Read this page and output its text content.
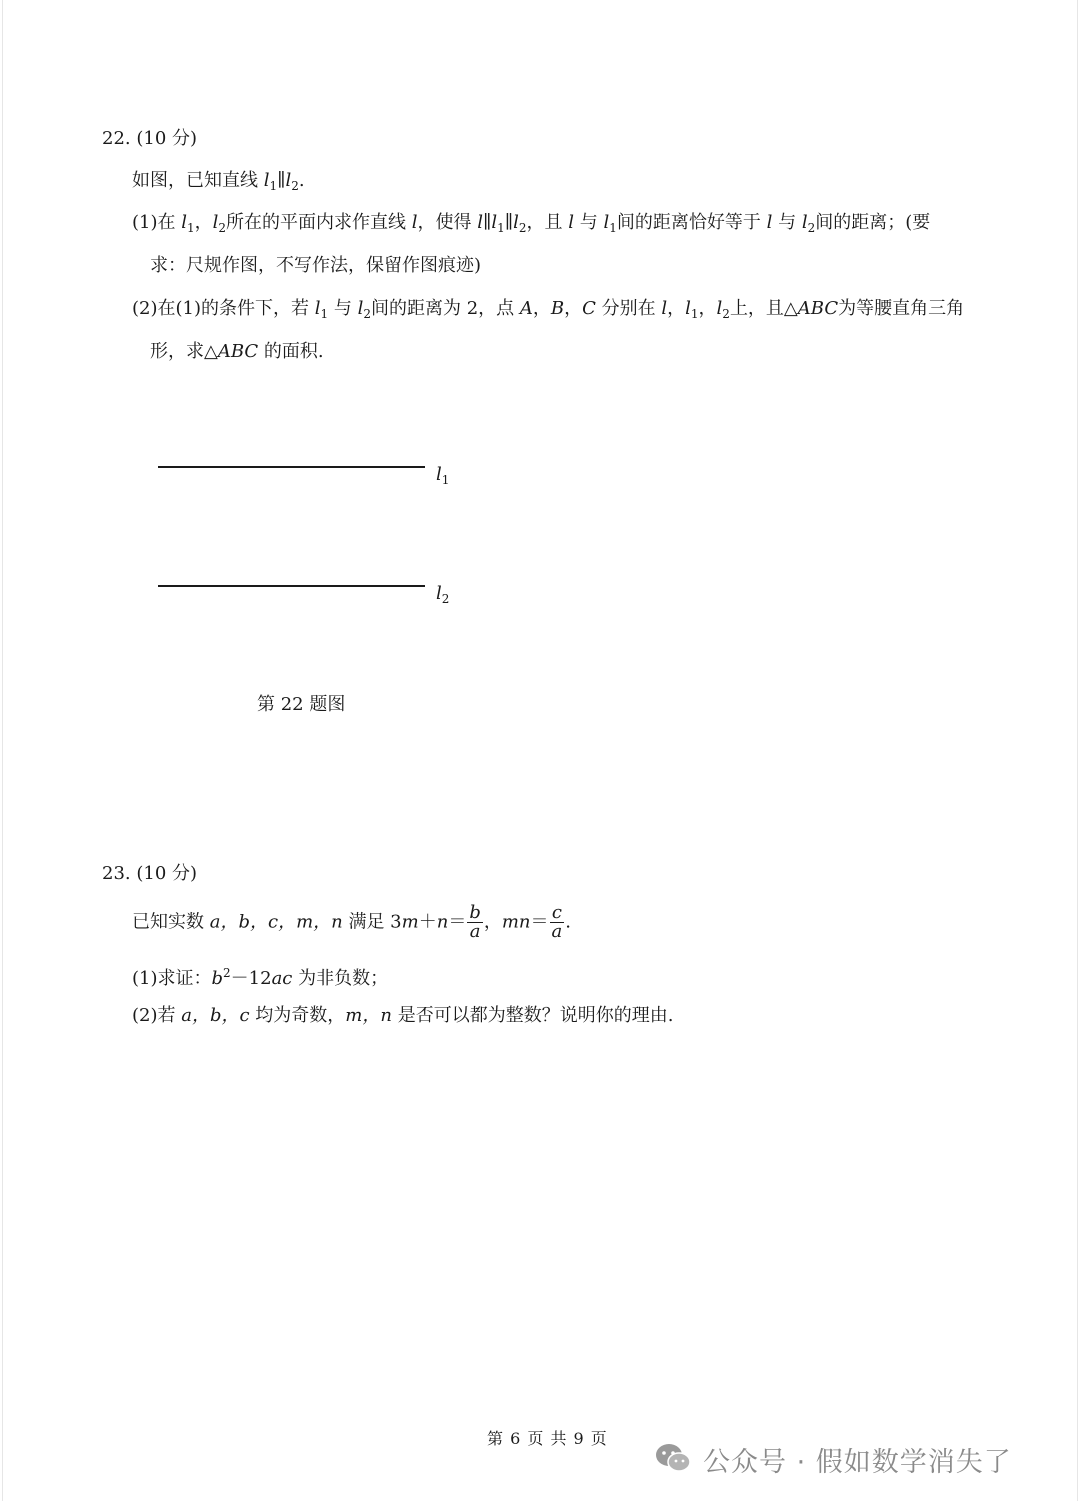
22. (10 分)
如图，已知直线 $l_1\parallel l_2$.
(1)在 $l_1$，$l_2$所在的平面内求作直线 l，使得 $l\parallel l_1\parallel l_2$，且 l 与 $l_1$间的距离恰好等于 l 与 $l_2$间的距离；(要
求：尺规作图，不写作法，保留作图痕迹)
(2)在(1)的条件下，若 $l_1$ 与 $l_2$间的距离为 2，点 A，B，C 分别在 l，$l_1$，$l_2$上，且△ABC为等腰直角三角
形，求△ABC 的面积.
$l_1$
$l_2$
第 22 题图
23. (10 分)
已知实数 a，b，c，m，n 满足 $3m+n= \frac{b}{a}$ ，$mn= \frac{c}{a}$ .
(1)求证：$b^2-12ac$ 为非负数；
(2)若 a，b，c 均为奇数，m，n 是否可以都为整数？说明你的理由.
第 6 页 共 9 页
公众号 · 假如数学消失了
